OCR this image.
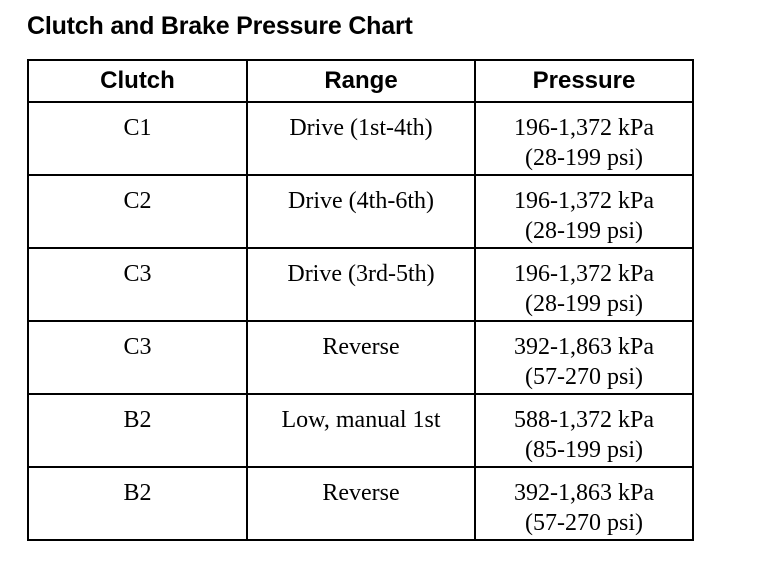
Clutch and Brake Pressure Chart
Clutch	Range	Pressure
C1	Drive (1st-4th)	196-1,372 kPa
(28-199 psi)

C2	Drive (4th-6th)	196-1,372 kPa
(28-199 psi)

C3	Drive (3rd-5th)	196-1,372 kPa
(28-199 psi)

C3	Reverse	392-1,863 kPa
(57-270 psi)

B2	Low, manual 1st	588-1,372 kPa
(85-199 psi)

B2	Reverse	392-1,863 kPa
(57-270 psi)
